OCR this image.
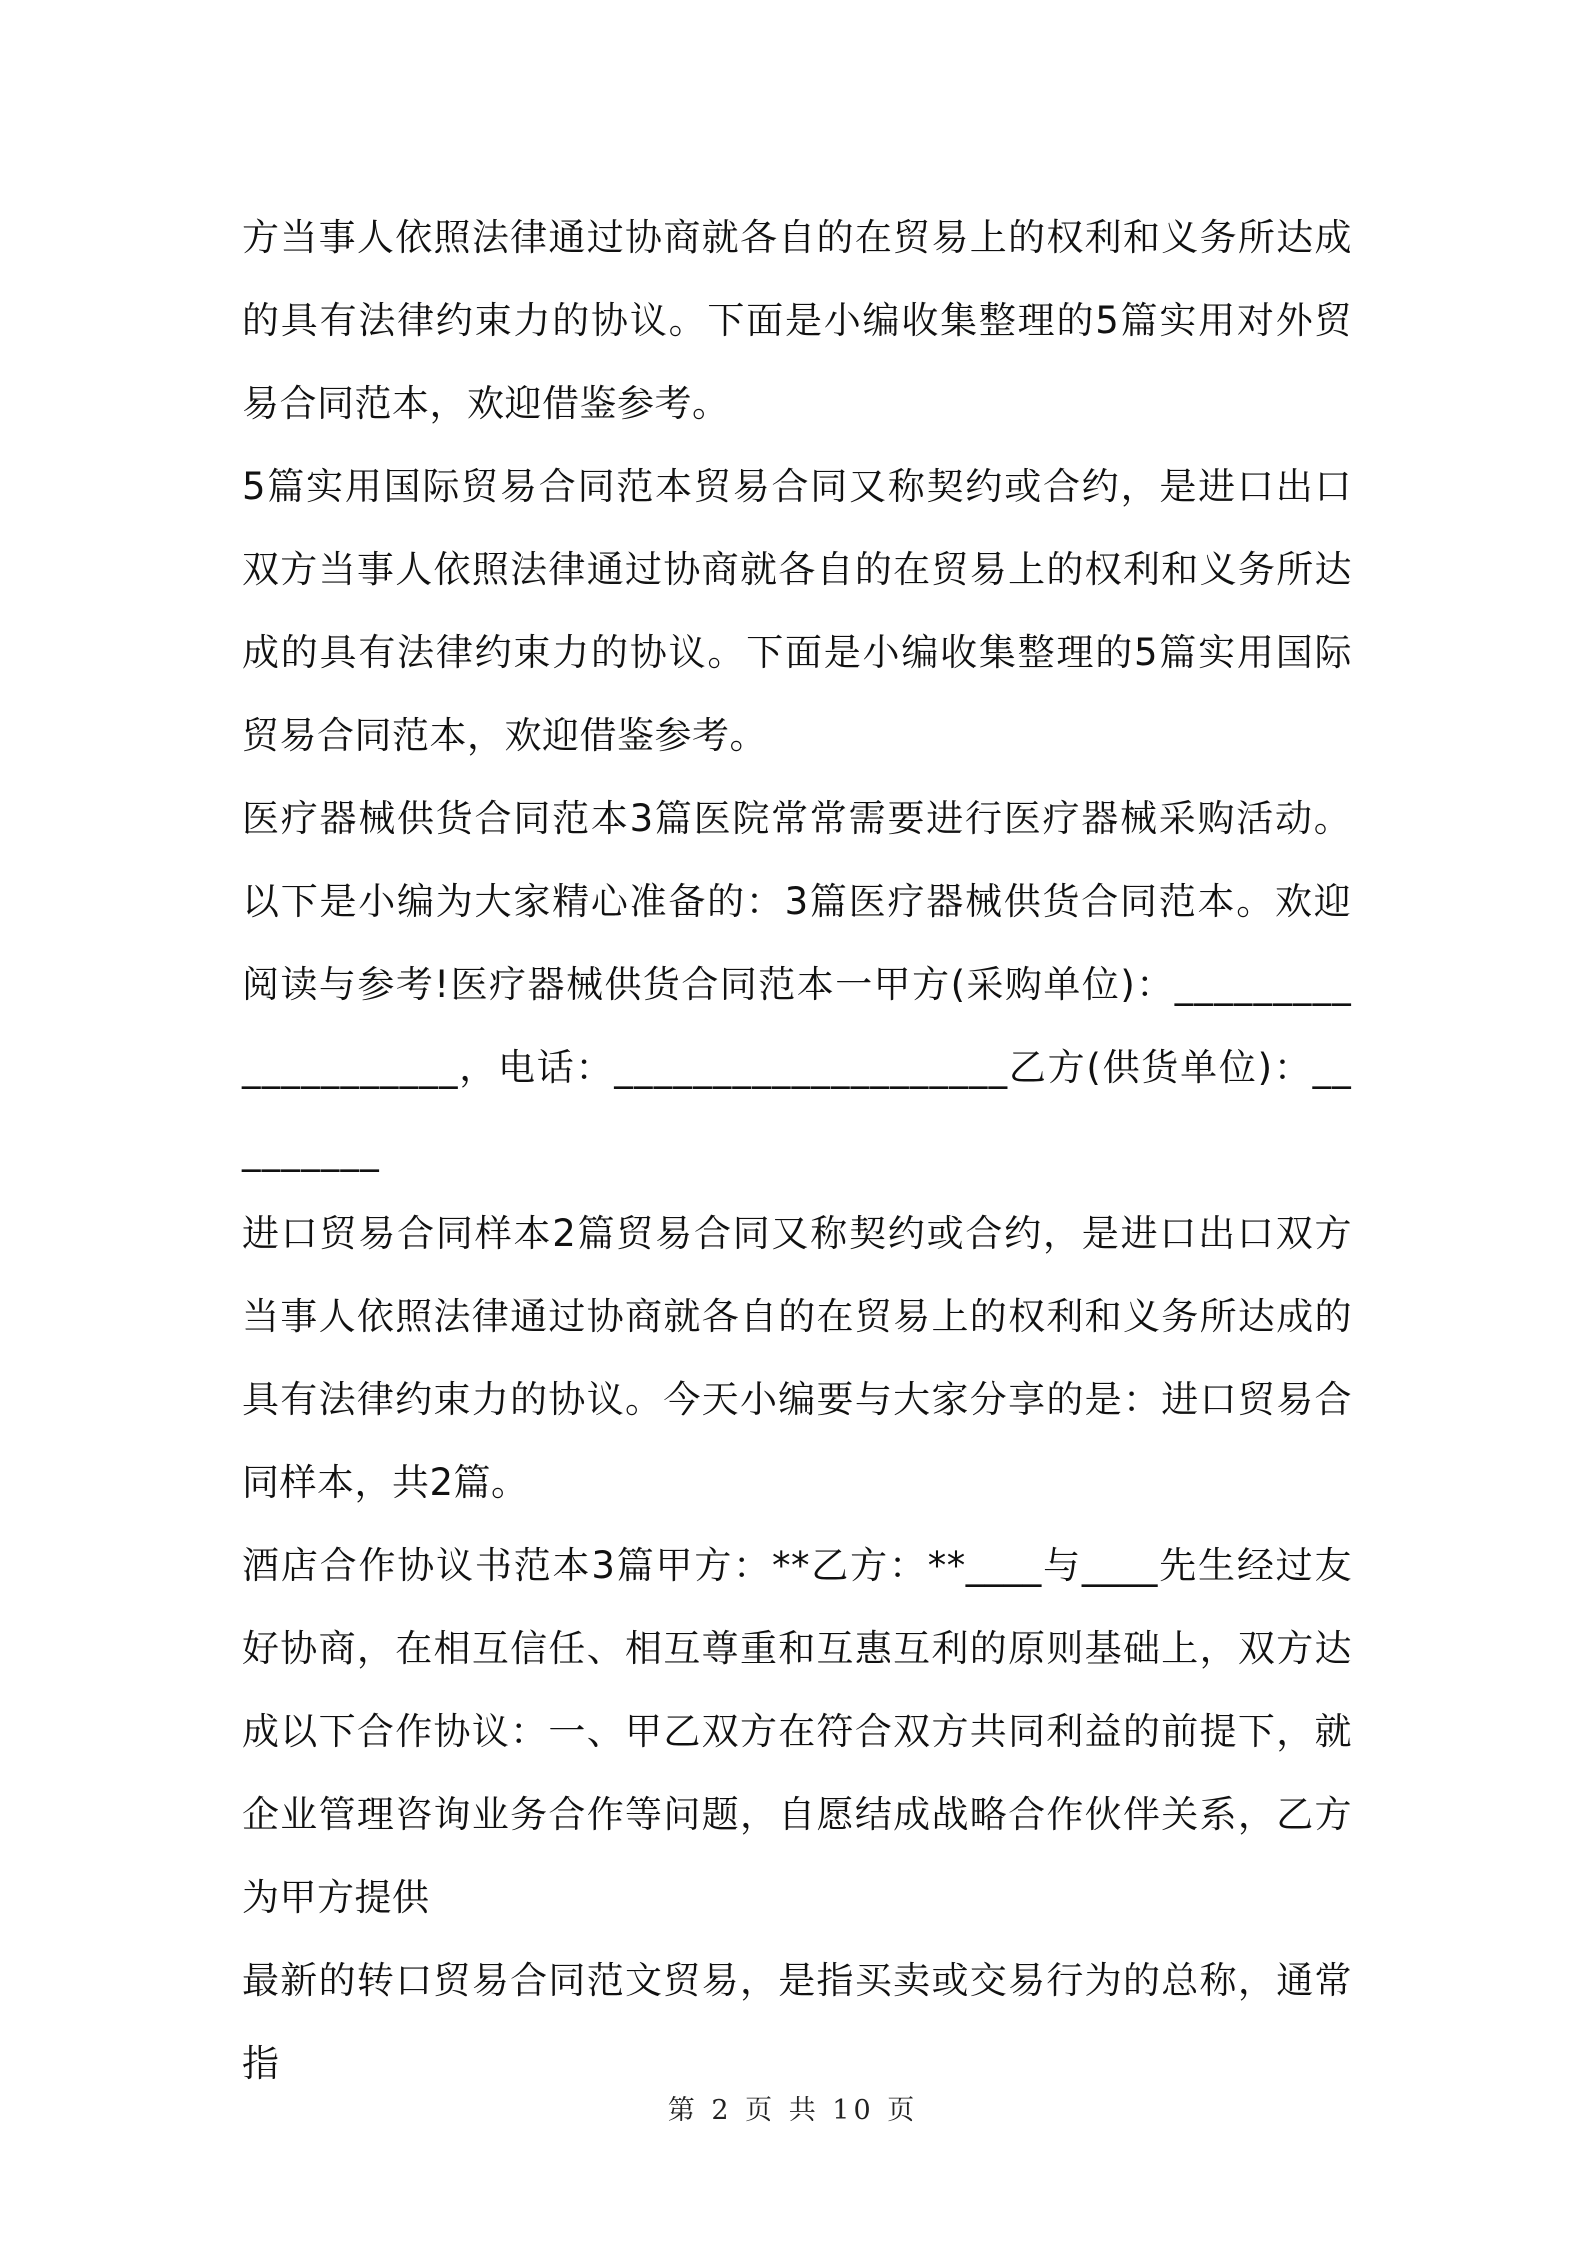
方当事人依照法律通过协商就各自的在贸易上的权利和义务所达成的具有法律约束力的协议。下面是小编收集整理的5篇实用对外贸易合同范本，欢迎借鉴参考。

5篇实用国际贸易合同范本贸易合同又称契约或合约，是进口出口双方当事人依照法律通过协商就各自的在贸易上的权利和义务所达成的具有法律约束力的协议。下面是小编收集整理的5篇实用国际贸易合同范本，欢迎借鉴参考。

医疗器械供货合同范本3篇医院常常需要进行医疗器械采购活动。以下是小编为大家精心准备的：3篇医疗器械供货合同范本。欢迎阅读与参考!医疗器械供货合同范本一甲方(采购单位)：____________________，电话：____________________乙方(供货单位)：_________

进口贸易合同样本2篇贸易合同又称契约或合约，是进口出口双方当事人依照法律通过协商就各自的在贸易上的权利和义务所达成的具有法律约束力的协议。今天小编要与大家分享的是：进口贸易合同样本，共2篇。

酒店合作协议书范本3篇甲方：**乙方：**____与____先生经过友好协商，在相互信任、相互尊重和互惠互利的原则基础上，双方达成以下合作协议：一、甲乙双方在符合双方共同利益的前提下，就企业管理咨询业务合作等问题，自愿结成战略合作伙伴关系，乙方为甲方提供

最新的转口贸易合同范文贸易，是指买卖或交易行为的总称，通常指

第 2 页 共 10 页
